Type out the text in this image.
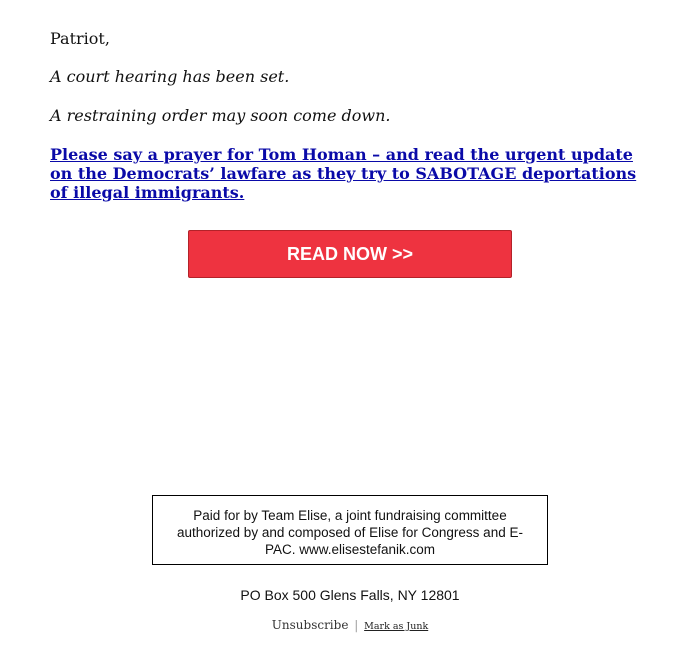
Patriot,

A court hearing has been set.

A restraining order may soon come down.

Please say a prayer for Tom Homan – and read the urgent update on the Democrats’ lawfare as they try to SABOTAGE deportations of illegal immigrants.
READ NOW >>
Paid for by Team Elise, a joint fundraising committee authorized by and composed of Elise for Congress and E-PAC. www.elisestefanik.com
PO Box 500 Glens Falls, NY 12801
Unsubscribe | Mark as Junk
